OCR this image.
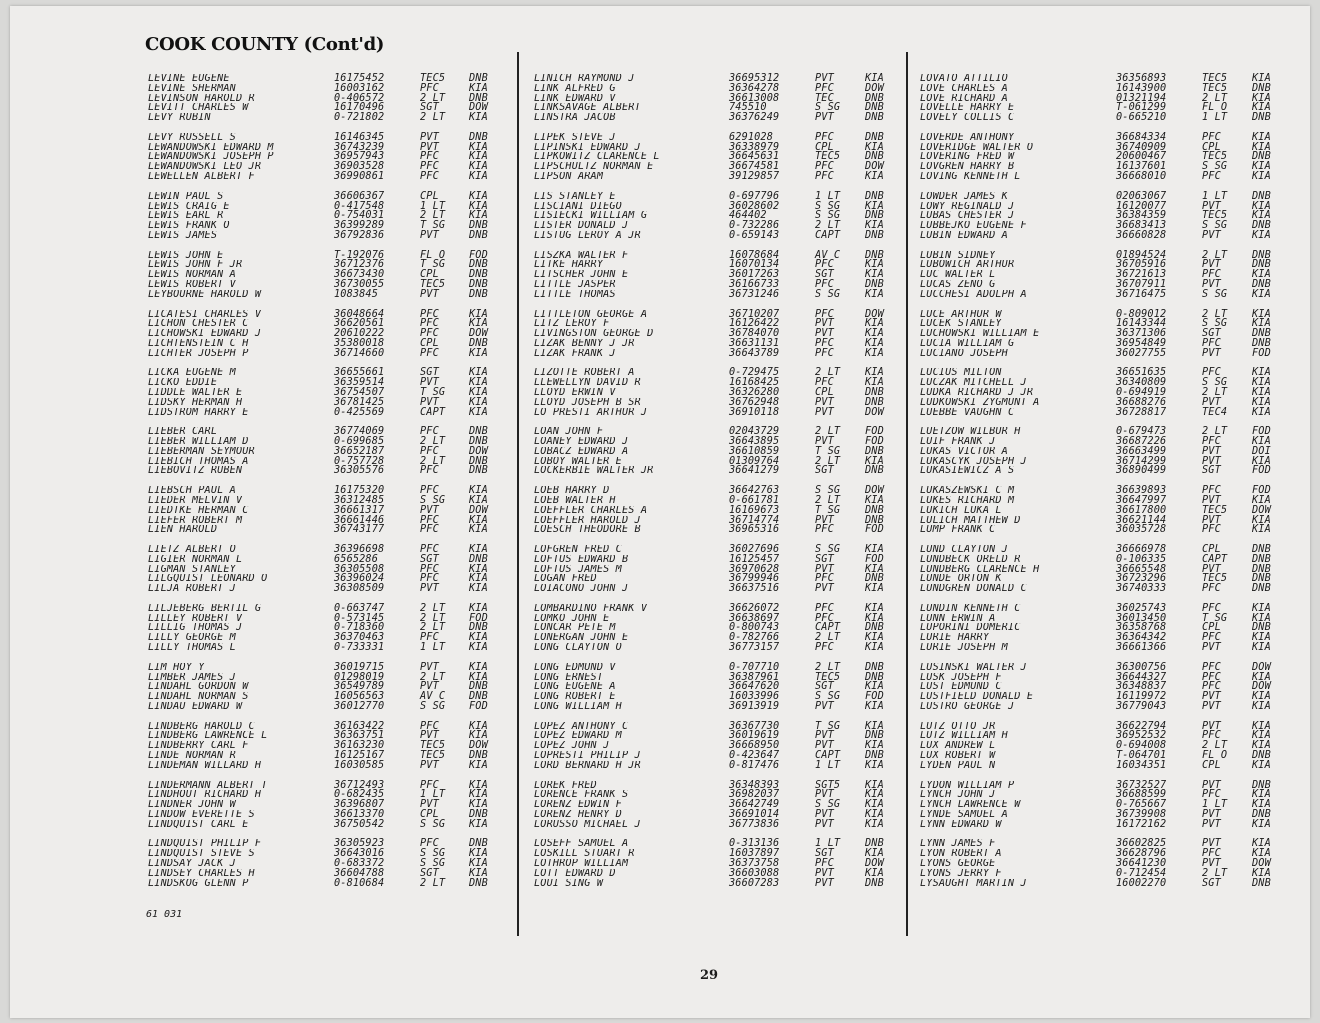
COOK COUNTY (Cont'd)
LEVINE EUGENE	16175452	TEC5	DNB
LEVINE SHERMAN	16003162	PFC	KIA
LEVINSON HAROLD R	0-406572	2 LT	DNB
LEVITT CHARLES W	16170496	SGT	DOW
LEVY RUBIN	0-721802	2 LT	KIA
LEVY RUSSELL S	16146345	PVT	DNB
LEWANDOWSKI EDWARD M	36743239	PVT	KIA
LEWANDOWSKI JOSEPH P	36957943	PFC	KIA
LEWANDOWSKI LEO JR	36903528	PFC	KIA
LEWELLEN ALBERT F	36990861	PFC	KIA
LEWIN PAUL S	36606367	CPL	KIA
LEWIS CRAIG E	0-417548	1 LT	KIA
LEWIS EARL R	0-754031	2 LT	KIA
LEWIS FRANK O	36399289	T SG	DNB
LEWIS JAMES	36792836	PVT	DNB
LEWIS JOHN E	T-192076	FL O	FOD
LEWIS JOHN F JR	36712376	T SG	DNB
LEWIS NORMAN A	36673430	CPL	DNB
LEWIS ROBERT V	36730055	TEC5	DNB
LEYBOURNE HAROLD W	1083845	PVT	DNB
LICATESI CHARLES V	36048664	PFC	KIA
LICHON CHESTER C	36620561	PFC	KIA
LICHOWSKI EDWARD J	20610222	PFC	DOW
LICHTENSTEIN C H	35380018	CPL	DNB
LICHTER JOSEPH P	36714660	PFC	KIA
LICKA EUGENE M	36655661	SGT	KIA
LICKO EDDIE	36359514	PVT	KIA
LIDDLE WALTER E	36754507	T SG	KIA
LIDSKY HERMAN H	36781425	PVT	KIA
LIDSTROM HARRY E	0-425569	CAPT	KIA
LIEBER CARL	36774069	PFC	DNB
LIEBER WILLIAM D	0-699685	2 LT	DNB
LIEBERMAN SEYMOUR	36652187	PFC	DOW
LIEBICH THOMAS A	0-757728	2 LT	DNB
LIEBOVITZ RUBEN	36305576	PFC	DNB
LIEBSCH PAUL A	16175320	PFC	KIA
LIEDER MELVIN V	36312485	S SG	KIA
LIEDTKE HERMAN C	36661317	PVT	DOW
LIEFER ROBERT M	36661446	PFC	KIA
LIEN HAROLD	36743177	PFC	KIA
LIETZ ALBERT O	36396698	PFC	KIA
LIGIER NORMAN L	6565286	SGT	DNB
LIGMAN STANLEY	36305508	PFC	KIA
LILGQUIST LEONARD O	36396024	PFC	KIA
LILJA ROBERT J	36308509	PVT	KIA
LILJEBERG BERTIL G	0-663747	2 LT	KIA
LILLEY ROBERT V	0-573145	2 LT	FOD
LILLIG THOMAS J	0-718360	2 LT	DNB
LILLY GEORGE M	36370463	PFC	KIA
LILLY THOMAS L	0-733331	1 LT	KIA
LIM HOY Y	36019715	PVT	KIA
LIMBER JAMES J	01298019	2 LT	KIA
LINDAHL GORDON W	36549789	PVT	DNB
LINDAHL NORMAN S	16056563	AV C	DNB
LINDAU EDWARD W	36012770	S SG	FOD
LINDBERG HAROLD C	36163422	PFC	KIA
LINDBERG LAWRENCE L	36363751	PVT	KIA
LINDBERRY CARL F	36163230	TEC5	DOW
LINDE NORMAN R	16125167	TEC5	DNB
LINDEMAN WILLARD H	16030585	PVT	KIA
LINDERMANN ALBERT T	36712493	PFC	KIA
LINDHOUT RICHARD H	0-682435	1 LT	KIA
LINDNER JOHN W	36396807	PVT	KIA
LINDOW EVERETTE S	36613370	CPL	DNB
LINDQUIST CARL E	36750542	S SG	KIA
LINDQUIST PHILIP F	36305923	PFC	DNB
LINDQUIST STEVE S	36643016	S SG	KIA
LINDSAY JACK J	0-683372	S SG	KIA
LINDSEY CHARLES H	36604788	SGT	KIA
LINDSKOG GLENN P	0-810684	2 LT	DNB
LINICH RAYMOND J	36695312	PVT	KIA
LINK ALFRED G	36364278	PFC	DOW
LINK EDWARD V	36613008	TEC	DNB
LINKSAVAGE ALBERT	745510	S SG	DNB
LINSTRA JACOB	36376249	PVT	DNB
LIPEK STEVE J	6291028	PFC	DNB
LIPINSKI EDWARD J	36338979	CPL	KIA
LIPKOWITZ CLARENCE L	36645631	TEC5	DNB
LIPSCHULTZ NORMAN E	36674581	PFC	DOW
LIPSON ARAM	39129857	PFC	KIA
LIS STANLEY E	0-697796	1 LT	DNB
LISCIANI DIEGO	36028602	S SG	KIA
LISIECKI WILLIAM G	464402	S SG	DNB
LISTER DONALD J	0-732286	2 LT	KIA
LISTUG LEROY A JR	0-659143	CAPT	DNB
LISZKA WALTER F	16078684	AV C	DNB
LITKE HARRY	16070134	PFC	KIA
LITSCHER JOHN E	36017263	SGT	KIA
LITTLE JASPER	36166733	PFC	DNB
LITTLE THOMAS	36731246	S SG	KIA
LITTLETON GEORGE A	36710207	PFC	DOW
LITZ LEROY F	16126422	PVT	KIA
LIVINGSTON GEORGE D	36784070	PVT	KIA
LIZAK BENNY J JR	36631131	PFC	KIA
LIZAK FRANK J	36643789	PFC	KIA
LIZOTTE ROBERT A	0-729475	2 LT	KIA
LLEWELLYN DAVID R	16168425	PFC	KIA
LLOYD ERWIN V	36326280	CPL	DNB
LLOYD JOSEPH B SR	36762948	PVT	DNB
LO PRESTI ARTHUR J	36910118	PVT	DOW
LOAN JOHN F	02043729	2 LT	FOD
LOANEY EDWARD J	36643895	PVT	FOD
LOBACZ EDWARD A	36610859	T SG	DNB
LOBOY WALTER E	01309764	2 LT	KIA
LOCKERBIE WALTER JR	36641279	SGT	DNB
LOEB HARRY D	36642763	S SG	DOW
LOEB WALTER H	0-661781	2 LT	KIA
LOEFFLER CHARLES A	16169673	T SG	DNB
LOEFFLER HAROLD J	36714774	PVT	DNB
LOESCH THEODORE B	36965316	PFC	FOD
LOFGREN FRED C	36027696	S SG	KIA
LOFTUS EDWARD B	16125457	SGT	FOD
LOFTUS JAMES M	36970628	PVT	KIA
LOGAN FRED	36799946	PFC	DNB
LOIACONO JOHN J	36637516	PVT	KIA
LOMBARDINO FRANK V	36626072	PFC	KIA
LOMKO JOHN E	36638697	PFC	KIA
LONCAR PETE M	0-800743	CAPT	DNB
LONERGAN JOHN E	0-782766	2 LT	KIA
LONG CLAYTON O	36773157	PFC	KIA
LONG EDMUND V	0-707710	2 LT	DNB
LONG ERNEST	36387961	TEC5	DNB
LONG EUGENE A	36647620	SGT	KIA
LONG ROBERT E	16033996	S SG	FOD
LONG WILLIAM H	36913919	PVT	KIA
LOPEZ ANTHONY C	36367730	T SG	KIA
LOPEZ EDWARD M	36019619	PVT	DNB
LOPEZ JOHN J	36668950	PVT	KIA
LOPRESTI PHILIP J	0-423647	CAPT	DNB
LORD BERNARD H JR	0-817476	1 LT	KIA
LOREK FRED	36348393	SGT5	KIA
LORENCE FRANK S	36982037	PVT	KIA
LORENZ EDWIN F	36642749	S SG	KIA
LORENZ HENRY D	36691014	PVT	KIA
LORUSSO MICHAEL J	36773836	PVT	KIA
LOSEFF SAMUEL A	0-313136	1 LT	DNB
LOSKILL STUART R	16037897	SGT	KIA
LOTHROP WILLIAM	36373758	PFC	DOW
LOTT EDWARD D	36603088	PVT	KIA
LOUI SING W	36607283	PVT	DNB
LOVATO ATTILIO	36356893	TEC5	KIA
LOVE CHARLES A	16143900	TEC5	DNB
LOVE RICHARD A	01321194	2 LT	KIA
LOVELLE HARRY E	T-061299	FL O	KIA
LOVELY COLLIS C	0-665210	1 LT	DNB
LOVERDE ANTHONY	36684334	PFC	KIA
LOVERIDGE WALTER O	36740909	CPL	KIA
LOVERING FRED W	20600467	TEC5	DNB
LOVGREN HARRY B	16137601	S SG	KIA
LOVING KENNETH L	36668010	PFC	KIA
LOWDER JAMES K	02063067	1 LT	DNB
LOWY REGINALD J	16120077	PVT	KIA
LUBAS CHESTER J	36384359	TEC5	KIA
LUBBEJKO EUGENE F	36683413	S SG	DNB
LUBIN EDWARD A	36660828	PVT	KIA
LUBIN SIDNEY	01894524	2 LT	DNB
LUBOWICH ARTHUR	36705916	PVT	DNB
LUC WALTER L	36721613	PFC	KIA
LUCAS ZENO G	36707911	PVT	DNB
LUCCHESI ADOLPH A	36716475	S SG	KIA
LUCE ARTHUR W	0-809012	2 LT	KIA
LUCEK STANLEY	16143344	S SG	KIA
LUCHOWSKI WILLIAM E	36371306	SGT	DNB
LUCIA WILLIAM G	36954849	PFC	DNB
LUCIANO JOSEPH	36027755	PVT	FOD
LUCIUS MILTON	36651635	PFC	KIA
LUCZAK MITCHELL J	36340809	S SG	KIA
LUDKA RICHARD J JR	0-694919	2 LT	KIA
LUDKOWSKI ZYGMUNT A	36688276	PVT	KIA
LUEBBE VAUGHN C	36728817	TEC4	KIA
LUETZOW WILBUR H	0-679473	2 LT	FOD
LUIF FRANK J	36687226	PFC	KIA
LUKAS VICTOR A	36663499	PVT	DOI
LUKASCYK JOSEPH J	36714299	PVT	KIA
LUKASIEWICZ A S	36890499	SGT	FOD
LUKASZEWSKI C M	36639893	PFC	FOD
LUKES RICHARD M	36647997	PVT	KIA
LUKICH LUKA L	36617800	TEC5	DOW
LULICH MATTHEW D	36621144	PVT	KIA
LUMP FRANK C	36035728	PFC	KIA
LUND CLAYTON J	36666978	CPL	DNB
LUNDBECK ORELD R	0-106335	CAPT	DNB
LUNDBERG CLARENCE H	36665548	PVT	DNB
LUNDE ORTON K	36723296	TEC5	DNB
LUNDGREN DONALD C	36740333	PFC	DNB
LUNDIN KENNETH C	36025743	PFC	KIA
LUNN ERWIN A	36013450	T SG	KIA
LUPORINI DOMERIC	36358768	CPL	DNB
LURIE HARRY	36364342	PFC	KIA
LURIE JOSEPH M	36661366	PVT	KIA
LUSINSKI WALTER J	36300756	PFC	DOW
LUSK JOSEPH F	36644327	PFC	KIA
LUST EDMUND C	36348837	PFC	DOW
LUSTFIELD DONALD E	16119972	PVT	KIA
LUSTRO GEORGE J	36779043	PVT	KIA
LUTZ OTTO JR	36622794	PVT	KIA
LUTZ WILLIAM H	36952532	PFC	KIA
LUX ANDREW L	0-694008	2 LT	KIA
LUX ROBERT W	T-064701	FL O	DNB
LYDEN PAUL N	16034351	CPL	KIA
LYDON WILLIAM P	36732527	PVT	DNB
LYNCH JOHN J	36688599	PFC	KIA
LYNCH LAWRENCE W	0-765667	1 LT	KIA
LYNDE SAMUEL A	36739908	PVT	DNB
LYNN EDWARD W	16172162	PVT	KIA
LYNN JAMES F	36602825	PVT	KIA
LYON ROBERT A	36628796	PFC	KIA
LYONS GEORGE	36641230	PVT	DOW
LYONS JERRY F	0-712454	2 LT	KIA
LYSAUGHT MARTIN J	16002270	SGT	DNB
61 031
29
